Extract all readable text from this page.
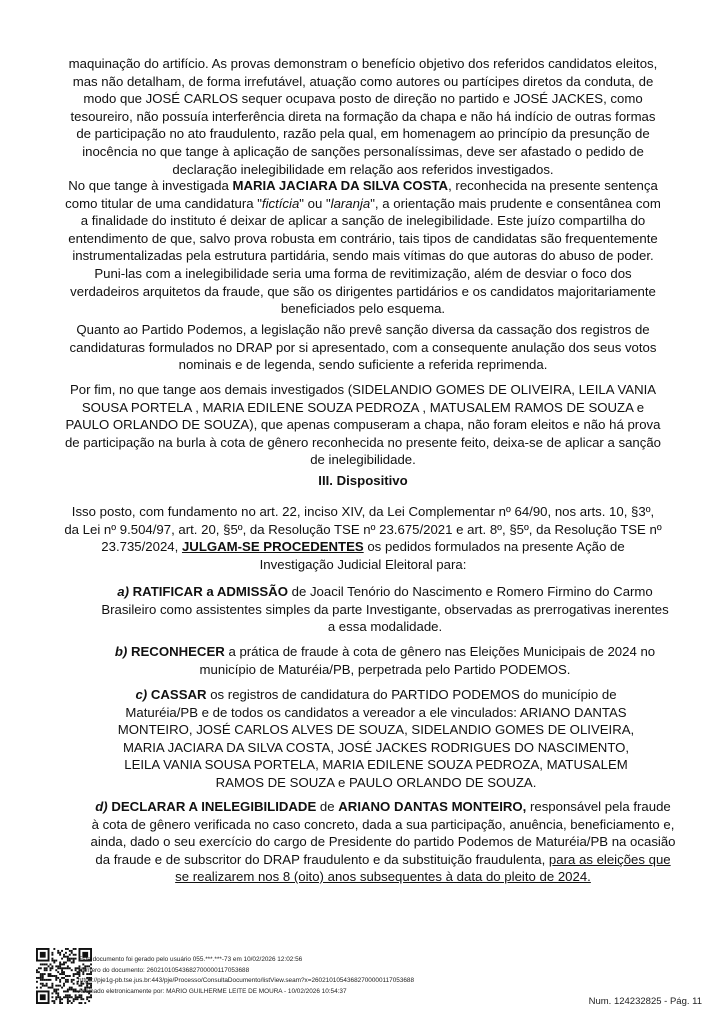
maquinação do artifício. As provas demonstram o benefício objetivo dos referidos candidatos eleitos, mas não detalham, de forma irrefutável, atuação como autores ou partícipes diretos da conduta, de modo que JOSÉ CARLOS sequer ocupava posto de direção no partido e JOSÉ JACKES, como tesoureiro, não possuía interferência direta na formação da chapa e não há indício de outras formas de participação no ato fraudulento, razão pela qual, em homenagem ao princípio da presunção de inocência no que tange à aplicação de sanções personalíssimas, deve ser afastado o pedido de declaração inelegibilidade em relação aos referidos investigados.

No que tange à investigada MARIA JACIARA DA SILVA COSTA, reconhecida na presente sentença como titular de uma candidatura "fictícia" ou "laranja", a orientação mais prudente e consentânea com a finalidade do instituto é deixar de aplicar a sanção de inelegibilidade. Este juízo compartilha do entendimento de que, salvo prova robusta em contrário, tais tipos de candidatas são frequentemente instrumentalizadas pela estrutura partidária, sendo mais vítimas do que autoras do abuso de poder. Puni-las com a inelegibilidade seria uma forma de revitimização, além de desviar o foco dos verdadeiros arquitetos da fraude, que são os dirigentes partidários e os candidatos majoritariamente beneficiados pelo esquema.

Quanto ao Partido Podemos, a legislação não prevê sanção diversa da cassação dos registros de candidaturas formulados no DRAP por si apresentado, com a consequente anulação dos seus votos nominais e de legenda, sendo suficiente a referida reprimenda.

Por fim, no que tange aos demais investigados (SIDELANDIO GOMES DE OLIVEIRA, LEILA VANIA SOUSA PORTELA , MARIA EDILENE SOUZA PEDROZA , MATUSALEM RAMOS DE SOUZA e PAULO ORLANDO DE SOUZA), que apenas compuseram a chapa, não foram eleitos e não há prova de participação na burla à cota de gênero reconhecida no presente feito, deixa-se de aplicar a sanção de inelegibilidade.

III. Dispositivo

Isso posto, com fundamento no art. 22, inciso XIV, da Lei Complementar nº 64/90, nos arts. 10, §3º, da Lei nº 9.504/97, art. 20, §5º, da Resolução TSE nº 23.675/2021 e art. 8º, §5º, da Resolução TSE nº 23.735/2024, JULGAM-SE PROCEDENTES os pedidos formulados na presente Ação de Investigação Judicial Eleitoral para:

a) RATIFICAR a ADMISSÃO de Joacil Tenório do Nascimento e Romero Firmino do Carmo Brasileiro como assistentes simples da parte Investigante, observadas as prerrogativas inerentes a essa modalidade.

b) RECONHECER a prática de fraude à cota de gênero nas Eleições Municipais de 2024 no município de Maturéia/PB, perpetrada pelo Partido PODEMOS.

c) CASSAR os registros de candidatura do PARTIDO PODEMOS do município de Maturéia/PB e de todos os candidatos a vereador a ele vinculados: ARIANO DANTAS MONTEIRO, JOSÉ CARLOS ALVES DE SOUZA, SIDELANDIO GOMES DE OLIVEIRA, MARIA JACIARA DA SILVA COSTA, JOSÉ JACKES RODRIGUES DO NASCIMENTO, LEILA VANIA SOUSA PORTELA, MARIA EDILENE SOUZA PEDROZA, MATUSALEM RAMOS DE SOUZA e PAULO ORLANDO DE SOUZA.

d) DECLARAR A INELEGIBILIDADE de ARIANO DANTAS MONTEIRO, responsável pela fraude à cota de gênero verificada no caso concreto, dada a sua participação, anuência, beneficiamento e, ainda, dado o seu exercício do cargo de Presidente do partido Podemos de Maturéia/PB na ocasião da fraude e de subscritor do DRAP fraudulento e da substituição fraudulenta, para as eleições que se realizarem nos 8 (oito) anos subsequentes à data do pleito de 2024.

Este documento foi gerado pelo usuário 055.***.***-73 em 10/02/2026 12:02:56
Número do documento: 26021010543682700000117053688
https://pje1g-pb.tse.jus.br:443/pje/Processo/ConsultaDocumento/listView.seam?x=26021010543682700000117053688
Assinado eletronicamente por: MARIO GUILHERME LEITE DE MOURA - 10/02/2026 10:54:37
Num. 124232825 - Pág. 11
